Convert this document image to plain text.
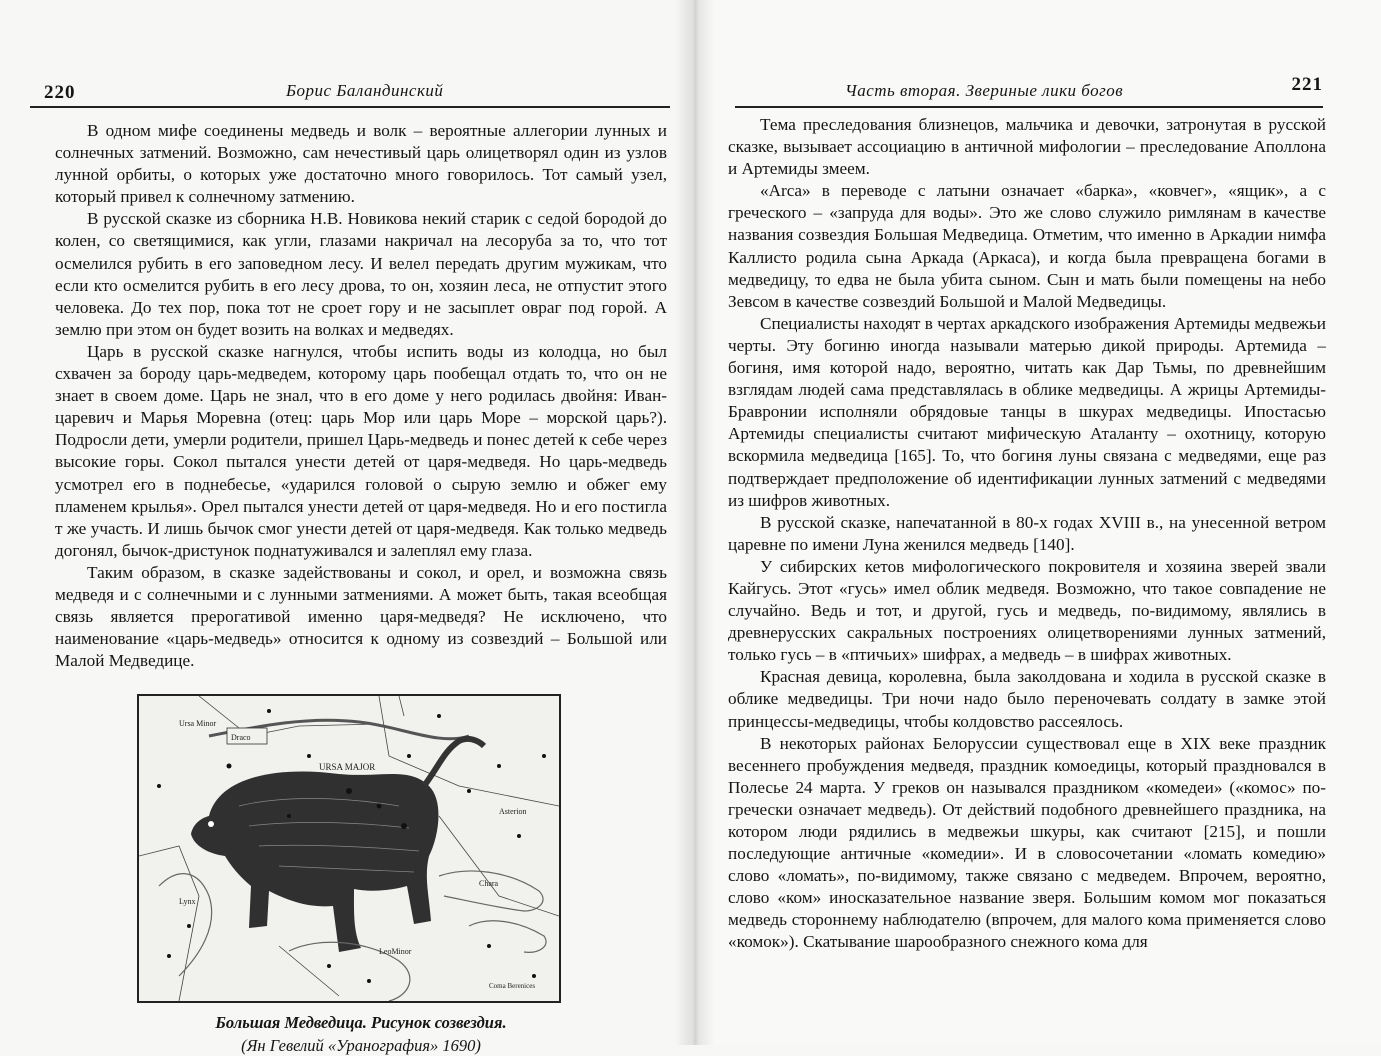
220	Борис Баландинский

В одном мифе соединены медведь и волк – вероятные аллегории лунных и солнечных затмений. Возможно, сам нечестивый царь олицетворял один из узлов лунной орбиты, о которых уже достаточно много говорилось. Тот самый узел, который привел к солнечному затмению.

В русской сказке из сборника Н.В. Новикова некий старик с седой бородой до колен, со светящимися, как угли, глазами накричал на лесоруба за то, что тот осмелился рубить в его заповедном лесу. И велел передать другим мужикам, что если кто осмелится рубить в его лесу дрова, то он, хозяин леса, не отпустит этого человека. До тех пор, пока тот не сроет гору и не засыплет овраг под горой. А землю при этом он будет возить на волках и медведях.

Царь в русской сказке нагнулся, чтобы испить воды из колодца, но был схвачен за бороду царь-медведем, которому царь пообещал отдать то, что он не знает в своем доме. Царь не знал, что в его доме у него родилась двойня: Иван-царевич и Марья Моревна (отец: царь Мор или царь Море – морской царь?). Подросли дети, умерли родители, пришел Царь-медведь и понес детей к себе через высокие горы. Сокол пытался унести детей от царя-медведя. Но царь-медведь усмотрел его в поднебесье, «ударился головой о сырую землю и обжег ему пламенем крылья». Орел пытался унести детей от царя-медведя. Но и его постигла т же участь. И лишь бычок смог унести детей от царя-медведя. Как только медведь догонял, бычок-дристунок поднатуживался и залеплял ему глаза.

Таким образом, в сказке задействованы и сокол, и орел, и возможна связь медведя и с солнечными и с лунными затмениями. А может быть, такая всеобщая связь является прерогативой именно царя-медведя? Не исключено, что наименование «царь-медведь» относится к одному из созвездий – Большой или Малой Медведице.

Draco
URSA MAJOR
Ursa Minor
Lynx
LeoMinor
Coma Berenices
Asterion
Chara
Большая Медведица. Рисунок созвездия.
(Ян Гевелий «Уранография» 1690)
Часть вторая. Звериные лики богов	221

Тема преследования близнецов, мальчика и девочки, затронутая в русской сказке, вызывает ассоциацию в античной мифологии – преследование Аполлона и Артемиды змеем.

«Arca» в переводе с латыни означает «барка», «ковчег», «ящик», а с греческого – «запруда для воды». Это же слово служило римлянам в качестве названия созвездия Большая Медведица. Отметим, что именно в Аркадии нимфа Каллисто родила сына Аркада (Аркаса), и когда была превращена богами в медведицу, то едва не была убита сыном. Сын и мать были помещены на небо Зевсом в качестве созвездий Большой и Малой Медведицы.

Специалисты находят в чертах аркадского изображения Артемиды медвежьи черты. Эту богиню иногда называли матерью дикой природы. Артемида – богиня, имя которой надо, вероятно, читать как Дар Тьмы, по древнейшим взглядам людей сама представлялась в облике медведицы. А жрицы Артемиды-Бравронии исполняли обрядовые танцы в шкурах медведицы. Ипостасью Артемиды специалисты считают мифическую Аталанту – охотницу, которую вскормила медведица [165]. То, что богиня луны связана с медведями, еще раз подтверждает предположение об идентификации лунных затмений с медведями из шифров животных.

В русской сказке, напечатанной в 80-х годах XVIII в., на унесенной ветром царевне по имени Луна женился медведь [140].

У сибирских кетов мифологического покровителя и хозяина зверей звали Кайгусь. Этот «гусь» имел облик медведя. Возможно, что такое совпадение не случайно. Ведь и тот, и другой, гусь и медведь, по-видимому, являлись в древнерусских сакральных построениях олицетворениями лунных затмений, только гусь – в «птичьих» шифрах, а медведь – в шифрах животных.

Красная девица, королевна, была заколдована и ходила в русской сказке в облике медведицы. Три ночи надо было переночевать солдату в замке этой принцессы-медведицы, чтобы колдовство рассеялось.

В некоторых районах Белоруссии существовал еще в XIX веке праздник весеннего пробуждения медведя, праздник комоедицы, который праздновался в Полесье 24 марта. У греков он назывался праздником «комедеи» («комос» по-гречески означает медведь). От действий подобного древнейшего праздника, на котором люди рядились в медвежьи шкуры, как считают [215], и пошли последующие античные «комедии». И в словосочетании «ломать комедию» слово «ломать», по-видимому, также связано с медведем. Впрочем, вероятно, слово «ком» иносказательное название зверя. Большим комом мог показаться медведь стороннему наблюдателю (впрочем, для малого кома применяется слово «комок»). Скатывание шарообразного снежного кома для
